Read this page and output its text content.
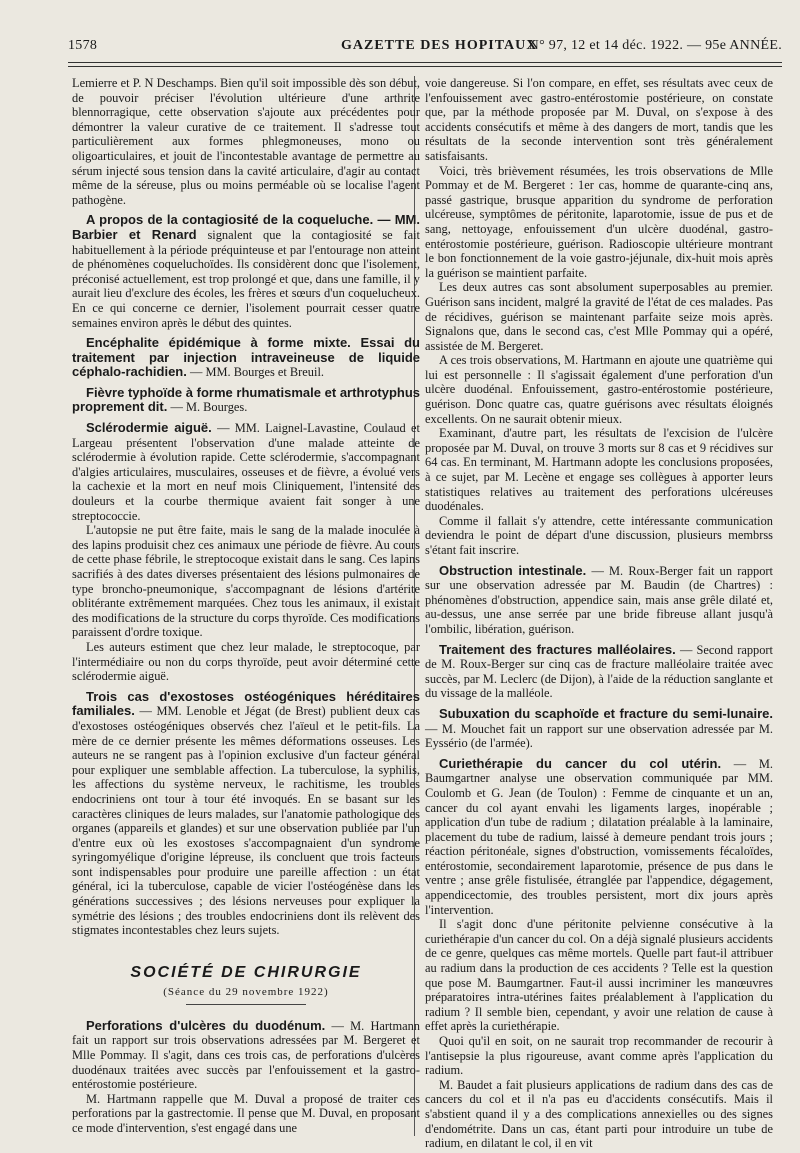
1578	GAZETTE DES HOPITAUX
N° 97, 12 et 14 déc. 1922. — 95e ANNÉE.

Lemierre et P. N Deschamps. Bien qu'il soit impossible dès son début, de pouvoir préciser l'évolution ultérieure d'une arthrite blennorragique, cette observation s'ajoute aux précédentes pour démontrer la valeur curative de ce traitement. Il s'adresse tout particulièrement aux formes phlegmoneuses, mono ou oligoarticulaires, et jouit de l'incontestable avantage de permettre au sérum injecté sous tension dans la cavité articulaire, d'agir au contact même de la séreuse, plus ou moins perméable où se localise l'agent pathogène.

A propos de la contagiosité de la coqueluche. — MM. Barbier et Renard signalent que la contagiosité se fait habituellement à la période préquinteuse et par l'entourage non atteint de phénomènes coqueluchoïdes. Ils considèrent donc que l'isolement, préconisé actuellement, est trop prolongé et que, dans une famille, il y aurait lieu d'exclure des écoles, les frères et sœurs d'un coquelucheux. En ce qui concerne ce dernier, l'isolement pourrait cesser quatre semaines environ après le début des quintes.

Encéphalite épidémique à forme mixte. Essai du traitement par injection intraveineuse de liquide céphalo-rachidien. — MM. Bourges et Breuil.

Fièvre typhoïde à forme rhumatismale et arthrotyphus proprement dit. — M. Bourges.

Sclérodermie aiguë. — MM. Laignel-Lavastine, Coulaud et Largeau présentent l'observation d'une malade atteinte de sclérodermie à évolution rapide. Cette sclérodermie, s'accompagnant d'algies articulaires, musculaires, osseuses et de fièvre, a évolué vers la cachexie et la mort en neuf mois Cliniquement, l'intensité des douleurs et la courbe thermique avaient fait songer à une streptococcie.

L'autopsie ne put être faite, mais le sang de la malade inoculée à des lapins produisit chez ces animaux une période de fièvre. Au cours de cette phase fébrile, le streptocoque existait dans le sang. Ces lapins sacrifiés à des dates diverses présentaient des lésions pulmonaires de type broncho-pneumonique, s'accompagnant de lésions d'artérite oblitérante extrêmement marquées. Chez tous les animaux, il existait des modifications de la structure du corps thyroïde. Ces modifications paraissent d'ordre toxique.

Les auteurs estiment que chez leur malade, le streptocoque, par l'intermédiaire ou non du corps thyroïde, peut avoir déterminé cette sclérodermie aiguë.

Trois cas d'exostoses ostéogéniques héréditaires familiales. — MM. Lenoble et Jégat (de Brest) publient deux cas d'exostoses ostéogéniques observés chez l'aïeul et le petit-fils. La mère de ce dernier présente les mêmes déformations osseuses. Les auteurs ne se rangent pas à l'opinion exclusive d'un facteur général pour expliquer une semblable affection. La tuberculose, la syphilis, les affections du système nerveux, le rachitisme, les troubles endocriniens ont tour à tour été invoqués. En se basant sur les caractères cliniques de leurs malades, sur l'anatomie pathologique des organes (appareils et glandes) et sur une observation publiée par l'un d'entre eux où les exostoses s'accompagnaient d'un syndrome syringomyélique d'origine lépreuse, ils concluent que trois facteurs sont indispensables pour produire une pareille affection : un état général, ici la tuberculose, capable de vicier l'ostéogénèse dans les générations successives ; des lésions nerveuses pour expliquer la symétrie des lésions ; des troubles endocriniens dont ils relèvent des stigmates incontestables chez leurs sujets.

SOCIÉTÉ DE CHIRURGIE
(Séance du 29 novembre 1922)

Perforations d'ulcères du duodénum. — M. Hartmann fait un rapport sur trois observations adressées par M. Bergeret et Mlle Pommay. Il s'agit, dans ces trois cas, de perforations d'ulcères duodénaux traitées avec succès par l'enfouissement et la gastro-entérostomie postérieure.

M. Hartmann rappelle que M. Duval a proposé de traiter ces perforations par la gastrectomie. Il pense que M. Duval, en proposant ce mode d'intervention, s'est engagé dans une

voie dangereuse. Si l'on compare, en effet, ses résultats avec ceux de l'enfouissement avec gastro-entérostomie postérieure, on constate que, par la méthode proposée par M. Duval, on s'expose à des accidents consécutifs et même à des dangers de mort, tandis que les résultats de la seconde intervention sont très généralement satisfaisants.

Voici, très brièvement résumées, les trois observations de Mlle Pommay et de M. Bergeret : 1er cas, homme de quarante-cinq ans, passé gastrique, brusque apparition du syndrome de perforation ulcéreuse, symptômes de péritonite, laparotomie, issue de pus et de sang, nettoyage, enfouissement d'un ulcère duodénal, gastro-entérostomie postérieure, guérison. Radioscopie ultérieure montrant le bon fonctionnement de la voie gastro-jéjunale, dix-huit mois après la guérison se maintient parfaite.

Les deux autres cas sont absolument superposables au premier. Guérison sans incident, malgré la gravité de l'état de ces malades. Pas de récidives, guérison se maintenant parfaite seize mois après. Signalons que, dans le second cas, c'est Mlle Pommay qui a opéré, assistée de M. Bergeret.

A ces trois observations, M. Hartmann en ajoute une quatrième qui lui est personnelle : Il s'agissait également d'une perforation d'un ulcère duodénal. Enfouissement, gastro-entérostomie postérieure, guérison. Donc quatre cas, quatre guérisons avec résultats éloignés excellents. On ne saurait obtenir mieux.

Examinant, d'autre part, les résultats de l'excision de l'ulcère proposée par M. Duval, on trouve 3 morts sur 8 cas et 9 récidives sur 64 cas. En terminant, M. Hartmann adopte les conclusions proposées, à ce sujet, par M. Lecène et engage ses collègues à apporter leurs statistiques relatives au traitement des perforations ulcéreuses duodénales.

Comme il fallait s'y attendre, cette intéressante communication deviendra le point de départ d'une discussion, plusieurs membrss s'étant fait inscrire.

Obstruction intestinale. — M. Roux-Berger fait un rapport sur une observation adressée par M. Baudin (de Chartres) : phénomènes d'obstruction, appendice sain, mais anse grêle dilaté et, au-dessus, une anse serrée par une bride fibreuse allant jusqu'à l'ombilic, libération, guérison.

Traitement des fractures malléolaires. — Second rapport de M. Roux-Berger sur cinq cas de fracture malléolaire traitée avec succès, par M. Leclerc (de Dijon), à l'aide de la réduction sanglante et du vissage de la malléole.

Subuxation du scaphoïde et fracture du semi-lunaire. — M. Mouchet fait un rapport sur une observation adressée par M. Eyssério (de l'armée).

Curiethérapie du cancer du col utérin. — M. Baumgartner analyse une observation communiquée par MM. Coulomb et G. Jean (de Toulon) : Femme de cinquante et un an, cancer du col ayant envahi les ligaments larges, inopérable ; application d'un tube de radium ; dilatation préalable à la laminaire, placement du tube de radium, laissé à demeure pendant trois jours ; réaction péritonéale, signes d'obstruction, vomissements fécaloïdes, entérostomie, secondairement laparotomie, présence de pus dans le ventre ; anse grêle fistulisée, étranglée par l'appendice, dégagement, appendicectomie, des troubles persistent, mort dix jours après l'intervention.

Il s'agit donc d'une péritonite pelvienne consécutive à la curiethérapie d'un cancer du col. On a déjà signalé plusieurs accidents de ce genre, quelques cas même mortels. Quelle part faut-il attribuer au radium dans la production de ces accidents ? Telle est la question que pose M. Baumgartner. Faut-il aussi incriminer les manœuvres préparatoires intra-utérines faites préalablement à l'application du radium ? Il semble bien, cependant, y avoir une relation de cause à effet après la curiethérapie.

Quoi qu'il en soit, on ne saurait trop recommander de recourir à l'antisepsie la plus rigoureuse, avant comme après l'application du radium.

M. Baudet a fait plusieurs applications de radium dans des cas de cancers du col et il n'a pas eu d'accidents consécutifs. Mais il s'abstient quand il y a des complications annexielles ou des signes d'endométrite. Dans un cas, étant parti pour introduire un tube de radium, en dilatant le col, il en vit
